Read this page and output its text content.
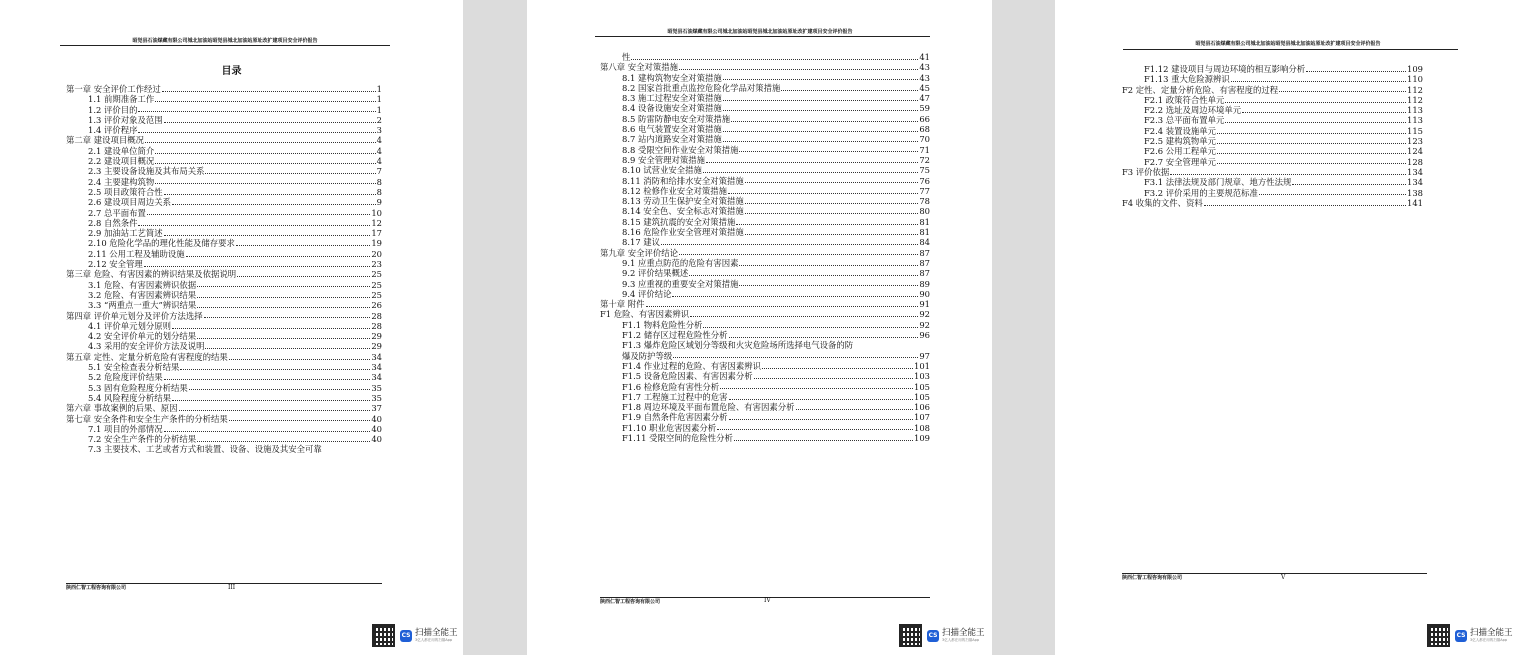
昭觉县石油煤藏有限公司城北加油站昭觉县城北加油站原址改扩建项目安全评价报告
目录
第一章 安全评价工作经过	1
1.1 前期准备工作	1
1.2 评价目的	1
1.3 评价对象及范围	2
1.4 评价程序	3
第二章 建设项目概况	4
2.1 建设单位简介	4
2.2 建设项目概况	4
2.3 主要设备设施及其布局关系	7
2.4 主要建构筑物	8
2.5 项目政策符合性	8
2.6 建设项目周边关系	9
2.7 总平面布置	10
2.8 自然条件	12
2.9 加油站工艺简述	17
2.10 危险化学品的理化性能及储存要求	19
2.11 公用工程及辅助设施	20
2.12 安全管理	23
第三章 危险、有害因素的辨识结果及依据说明	25
3.1 危险、有害因素辨识依据	25
3.2 危险、有害因素辨识结果	25
3.3 “两重点一重大”辨识结果	26
第四章 评价单元划分及评价方法选择	28
4.1 评价单元划分原则	28
4.2 安全评价单元的划分结果	29
4.3 采用的安全评价方法及说明	29
第五章 定性、定量分析危险有害程度的结果	34
5.1 安全检查表分析结果	34
5.2 危险度评价结果	34
5.3 固有危险程度分析结果	35
5.4 风险程度分析结果	35
第六章 事故案例的后果、原因	37
第七章 安全条件和安全生产条件的分析结果	40
7.1 项目的外部情况	40
7.2 安全生产条件的分析结果	40
7.3 主要技术、工艺或者方式和装置、设备、设施及其安全可靠
陕西仁智工程咨询有限公司	III
CS 扫描全能王
3亿人都在用的扫描App
昭觉县石油煤藏有限公司城北加油站昭觉县城北加油站原址改扩建项目安全评价报告
性	41
第八章 安全对策措施	43
8.1 建构筑物安全对策措施	43
8.2 国家首批重点监控危险化学品对策措施	45
8.3 施工过程安全对策措施	47
8.4 设备设施安全对策措施	59
8.5 防雷防静电安全对策措施	66
8.6 电气装置安全对策措施	68
8.7 站内道路安全对策措施	70
8.8 受限空间作业安全对策措施	71
8.9 安全管理对策措施	72
8.10 试营业安全措施	75
8.11 消防和给排水安全对策措施	76
8.12 检修作业安全对策措施	77
8.13 劳动卫生保护安全对策措施	78
8.14 安全色、安全标志对策措施	80
8.15 建筑抗震的安全对策措施	81
8.16 危险作业安全管理对策措施	81
8.17 建议	84
第九章 安全评价结论	87
9.1 应重点防范的危险有害因素	87
9.2 评价结果概述	87
9.3 应重视的重要安全对策措施	89
9.4 评价结论	90
第十章 附件	91
F1 危险、有害因素辨识	92
F1.1 物料危险性分析	92
F1.2 储存区过程危险性分析	96
F1.3 爆炸危险区域划分等级和火灾危险场所选择电气设备的防
爆及防护等级	97
F1.4 作业过程的危险、有害因素辨识	101
F1.5 设备危险因素、有害因素分析	103
F1.6 检修危险有害性分析	105
F1.7 工程施工过程中的危害	105
F1.8 周边环境及平面布置危险、有害因素分析	106
F1.9 自然条件危害因素分析	107
F1.10 职业危害因素分析	108
F1.11 受限空间的危险性分析	109
陕西仁智工程咨询有限公司	IV
CS 扫描全能王
3亿人都在用的扫描App
昭觉县石油煤藏有限公司城北加油站昭觉县城北加油站原址改扩建项目安全评价报告
F1.12 建设项目与周边环境的相互影响分析	109
F1.13 重大危险源辨识	110
F2 定性、定量分析危险、有害程度的过程	112
F2.1 政策符合性单元	112
F2.2 选址及周边环境单元	113
F2.3 总平面布置单元	113
F2.4 装置设施单元	115
F2.5 建构筑物单元	123
F2.6 公用工程单元	124
F2.7 安全管理单元	128
F3 评价依据	134
F3.1 法律法规及部门规章、地方性法规	134
F3.2 评价采用的主要规范标准	138
F4 收集的文件、资料	141
陕西仁智工程咨询有限公司	V
CS 扫描全能王
3亿人都在用的扫描App
